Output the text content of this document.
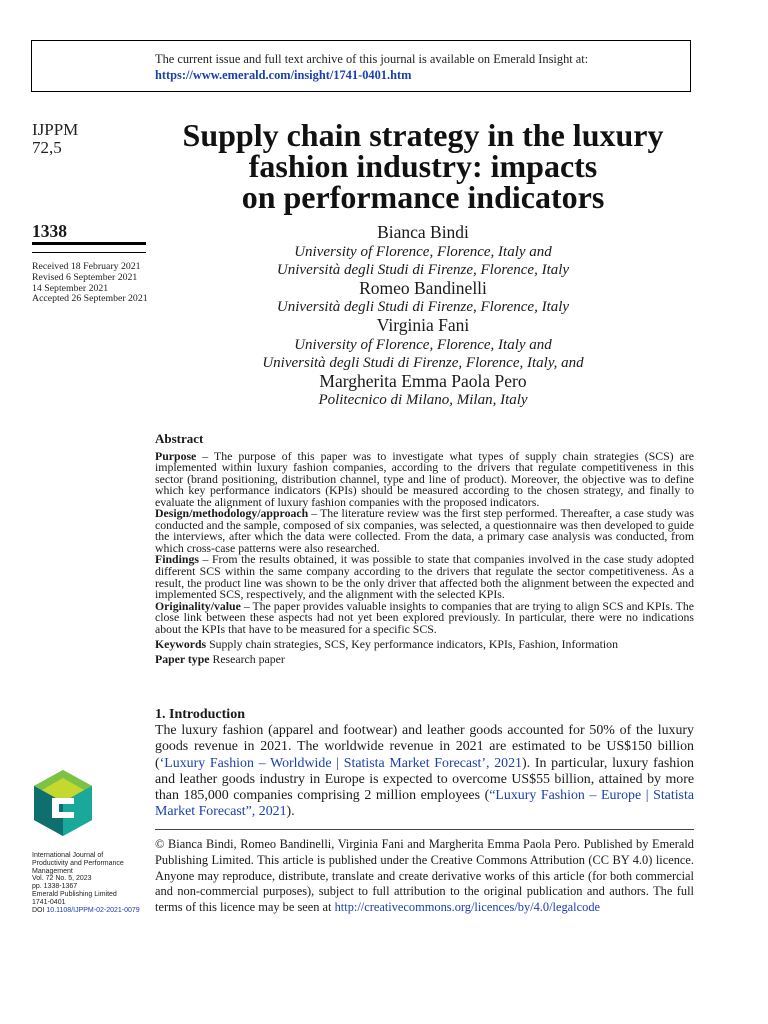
The current issue and full text archive of this journal is available on Emerald Insight at:
https://www.emerald.com/insight/1741-0401.htm
IJPPM
72,5
1338
Received 18 February 2021
Revised 6 September 2021
14 September 2021
Accepted 26 September 2021
Supply chain strategy in the luxury
fashion industry: impacts
on performance indicators
Bianca Bindi
University of Florence, Florence, Italy and
Università degli Studi di Firenze, Florence, Italy
Romeo Bandinelli
Università degli Studi di Firenze, Florence, Italy
Virginia Fani
University of Florence, Florence, Italy and
Università degli Studi di Firenze, Florence, Italy, and
Margherita Emma Paola Pero
Politecnico di Milano, Milan, Italy
Abstract

Purpose – The purpose of this paper was to investigate what types of supply chain strategies (SCS) are implemented within luxury fashion companies, according to the drivers that regulate competitiveness in this sector (brand positioning, distribution channel, type and line of product). Moreover, the objective was to define which key performance indicators (KPIs) should be measured according to the chosen strategy, and finally to evaluate the alignment of luxury fashion companies with the proposed indicators.

Design/methodology/approach – The literature review was the first step performed. Thereafter, a case study was conducted and the sample, composed of six companies, was selected, a questionnaire was then developed to guide the interviews, after which the data were collected. From the data, a primary case analysis was conducted, from which cross-case patterns were also researched.

Findings – From the results obtained, it was possible to state that companies involved in the case study adopted different SCS within the same company according to the drivers that regulate the sector competitiveness. As a result, the product line was shown to be the only driver that affected both the alignment between the expected and implemented SCS, respectively, and the alignment with the selected KPIs.

Originality/value – The paper provides valuable insights to companies that are trying to align SCS and KPIs. The close link between these aspects had not yet been explored previously. In particular, there were no indications about the KPIs that have to be measured for a specific SCS.

Keywords Supply chain strategies, SCS, Key performance indicators, KPIs, Fashion, Information

Paper type Research paper

1. Introduction

The luxury fashion (apparel and footwear) and leather goods accounted for 50% of the luxury goods revenue in 2021. The worldwide revenue in 2021 are estimated to be US$150 billion (‘Luxury Fashion – Worldwide | Statista Market Forecast’, 2021). In particular, luxury fashion and leather goods industry in Europe is expected to overcome US$55 billion, attained by more than 185,000 companies comprising 2 million employees (“Luxury Fashion – Europe | Statista Market Forecast”, 2021).

© Bianca Bindi, Romeo Bandinelli, Virginia Fani and Margherita Emma Paola Pero. Published by Emerald Publishing Limited. This article is published under the Creative Commons Attribution (CC BY 4.0) licence. Anyone may reproduce, distribute, translate and create derivative works of this article (for both commercial and non-commercial purposes), subject to full attribution to the original publication and authors. The full terms of this licence may be seen at http://creativecommons.org/licences/by/4.0/legalcode
International Journal of
Productivity and Performance
Management
Vol. 72 No. 5, 2023
pp. 1338-1367
Emerald Publishing Limited
1741-0401
DOI 10.1108/IJPPM-02-2021-0079
